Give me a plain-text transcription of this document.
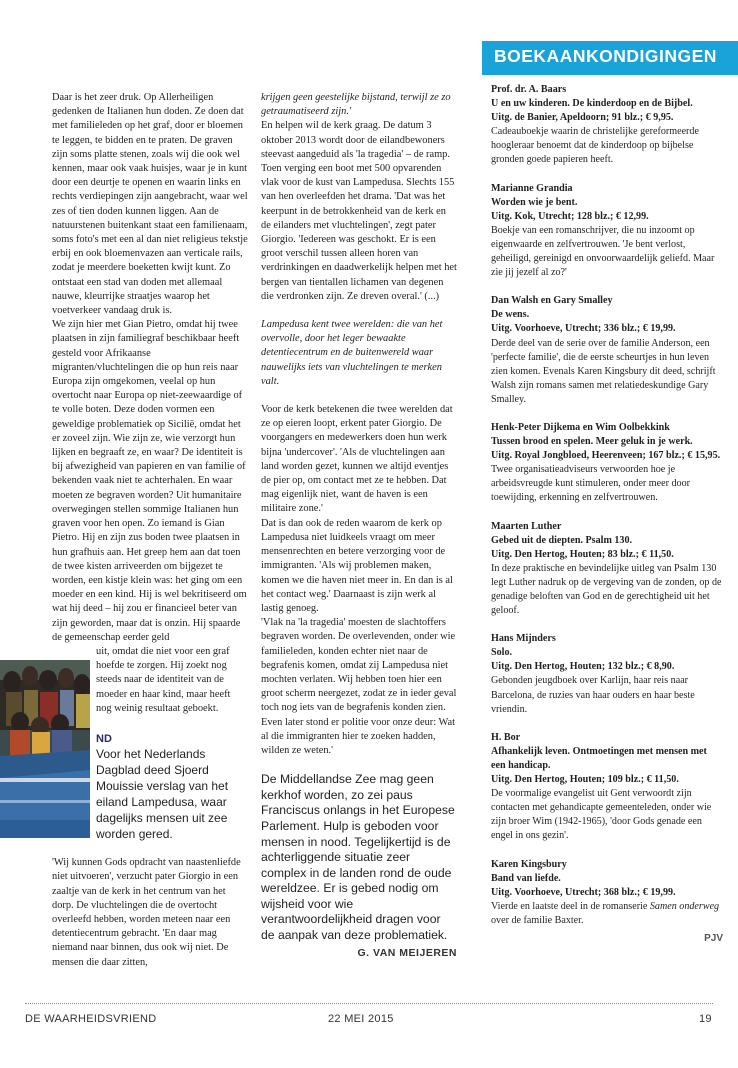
BOEKAANKONDIGINGEN

Daar is het zeer druk. Op Allerheiligen gedenken de Italianen hun doden. Ze doen dat met familieleden op het graf, door er bloemen te leggen, te bidden en te praten. De graven zijn soms platte stenen, zoals wij die ook wel kennen, maar ook vaak huisjes, waar je in kunt door een deurtje te openen en waarin links en rechts verdiepingen zijn aangebracht, waar wel zes of tien doden kunnen liggen. Aan de natuurstenen buitenkant staat een familienaam, soms foto's met een al dan niet religieus tekstje erbij en ook bloemenvazen aan verticale rails, zodat je meerdere boeketten kwijt kunt. Zo ontstaat een stad van doden met allemaal nauwe, kleurrijke straatjes waarop het voetverkeer vandaag druk is.

We zijn hier met Gian Pietro, omdat hij twee plaatsen in zijn familiegraf beschikbaar heeft gesteld voor Afrikaanse migranten/vluchtelingen die op hun reis naar Europa zijn omgekomen, veelal op hun overtocht naar Europa op niet-zeewaardige of te volle boten. Deze doden vormen een geweldige problematiek op Sicilië, omdat het er zoveel zijn. Wie zijn ze, wie verzorgt hun lijken en begraaft ze, en waar? De identiteit is bij afwezigheid van papieren en van familie of bekenden vaak niet te achterhalen. En waar moeten ze begraven worden? Uit humanitaire overwegingen stellen sommige Italianen hun graven voor hen open. Zo iemand is Gian Pietro. Hij en zijn zus boden twee plaatsen in hun grafhuis aan. Het greep hem aan dat toen de twee kisten arriveerden om bijgezet te worden, een kistje klein was: het ging om een moeder en een kind. Hij is wel bekritiseerd om wat hij deed – hij zou er financieel beter van zijn geworden, maar dat is onzin. Hij spaarde de gemeenschap eerder geld

uit, omdat die niet voor een graf hoefde te zorgen. Hij zoekt nog steeds naar de identiteit van de moeder en haar kind, maar heeft nog weinig resultaat geboekt.

ND

Voor het Nederlands Dagblad deed Sjoerd Mouissie verslag van het eiland Lampedusa, waar dagelijks mensen uit zee worden gered.

'Wij kunnen Gods opdracht van naastenliefde niet uitvoeren', verzucht pater Giorgio in een zaaltje van de kerk in het centrum van het dorp. De vluchtelingen die de overtocht overleefd hebben, worden meteen naar een detentiecentrum gebracht. 'En daar mag niemand naar binnen, dus ook wij niet. De mensen die daar zitten,

krijgen geen geestelijke bijstand, terwijl ze zo getraumatiseerd zijn.'

En helpen wil de kerk graag. De datum 3 oktober 2013 wordt door de eilandbewoners steevast aangeduid als 'la tragedia' – de ramp. Toen verging een boot met 500 opvarenden vlak voor de kust van Lampedusa. Slechts 155 van hen overleefden het drama. 'Dat was het keerpunt in de betrokkenheid van de kerk en de eilanders met vluchtelingen', zegt pater Giorgio. 'Iedereen was geschokt. Er is een groot verschil tussen alleen horen van verdrinkingen en daadwerkelijk helpen met het bergen van tientallen lichamen van degenen die verdronken zijn. Ze dreven overal.' (...)

Lampedusa kent twee werelden: die van het overvolle, door het leger bewaakte detentiecentrum en de buitenwereld waar nauwelijks iets van vluchtelingen te merken valt.

Voor de kerk betekenen die twee werelden dat ze op eieren loopt, erkent pater Giorgio. De voorgangers en medewerkers doen hun werk bijna 'undercover'. 'Als de vluchtelingen aan land worden gezet, kunnen we altijd eventjes de pier op, om contact met ze te hebben. Dat mag eigenlijk niet, want de haven is een militaire zone.'

Dat is dan ook de reden waarom de kerk op Lampedusa niet luidkeels vraagt om meer mensenrechten en betere verzorging voor de immigranten. 'Als wij problemen maken, komen we die haven niet meer in. En dan is al het contact weg.' Daarnaast is zijn werk al lastig genoeg.

'Vlak na 'la tragedia' moesten de slachtoffers begraven worden. De overlevenden, onder wie familieleden, konden echter niet naar de begrafenis komen, omdat zij Lampedusa niet mochten verlaten. Wij hebben toen hier een groot scherm neergezet, zodat ze in ieder geval toch nog iets van de begrafenis konden zien. Even later stond er politie voor onze deur: Wat al die immigranten hier te zoeken hadden, wilden ze weten.'

De Middellandse Zee mag geen kerkhof worden, zo zei paus Franciscus onlangs in het Europese Parlement. Hulp is geboden voor mensen in nood. Tegelijkertijd is de achterliggende situatie zeer complex in de landen rond de oude wereldzee. Er is gebed nodig om wijsheid voor wie verantwoordelijkheid dragen voor de aanpak van deze problematiek.

G. VAN MEIJEREN

Prof. dr. A. Baars
U en uw kinderen. De kinderdoop en de Bijbel.
Uitg. de Banier, Apeldoorn; 91 blz.; € 9,95.
Cadeauboekje waarin de christelijke gereformeerde hoogleraar benoemt dat de kinderdoop op bijbelse gronden goede papieren heeft.
Marianne Grandia
Worden wie je bent.
Uitg. Kok, Utrecht; 128 blz.; € 12,99.
Boekje van een romanschrijver, die nu inzoomt op eigenwaarde en zelfvertrouwen. 'Je bent verlost, geheiligd, gereinigd en onvoorwaardelijk geliefd. Maar zie jij jezelf al zo?'
Dan Walsh en Gary Smalley
De wens.
Uitg. Voorhoeve, Utrecht; 336 blz.; € 19,99.
Derde deel van de serie over de familie Anderson, een 'perfecte familie', die de eerste scheurtjes in hun leven zien komen. Evenals Karen Kingsbury dit deed, schrijft Walsh zijn romans samen met relatiedeskundige Gary Smalley.
Henk-Peter Dijkema en Wim Oolbekkink
Tussen brood en spelen. Meer geluk in je werk.
Uitg. Royal Jongbloed, Heerenveen; 167 blz.; € 15,95.
Twee organisatieadviseurs verwoorden hoe je arbeidsvreugde kunt stimuleren, onder meer door toewijding, erkenning en zelfvertrouwen.
Maarten Luther
Gebed uit de diepten. Psalm 130.
Uitg. Den Hertog, Houten; 83 blz.; € 11,50.
In deze praktische en bevindelijke uitleg van Psalm 130 legt Luther nadruk op de vergeving van de zonden, op de genadige beloften van God en de gerechtigheid uit het geloof.
Hans Mijnders
Solo.
Uitg. Den Hertog, Houten; 132 blz.; € 8,90.
Gebonden jeugdboek over Karlijn, haar reis naar Barcelona, de ruzies van haar ouders en haar beste vriendin.
H. Bor
Afhankelijk leven. Ontmoetingen met mensen met een handicap.
Uitg. Den Hertog, Houten; 109 blz.; € 11,50.
De voormalige evangelist uit Gent verwoordt zijn contacten met gehandicapte gemeenteleden, onder wie zijn broer Wim (1942-1965), 'door Gods genade een engel in ons gezin'.
Karen Kingsbury
Band van liefde.
Uitg. Voorhoeve, Utrecht; 368 blz.; € 19,99.
Vierde en laatste deel in de romanserie Samen onderweg over de familie Baxter.
PJV
DE WAARHEIDSVRIEND	22 MEI 2015	19
